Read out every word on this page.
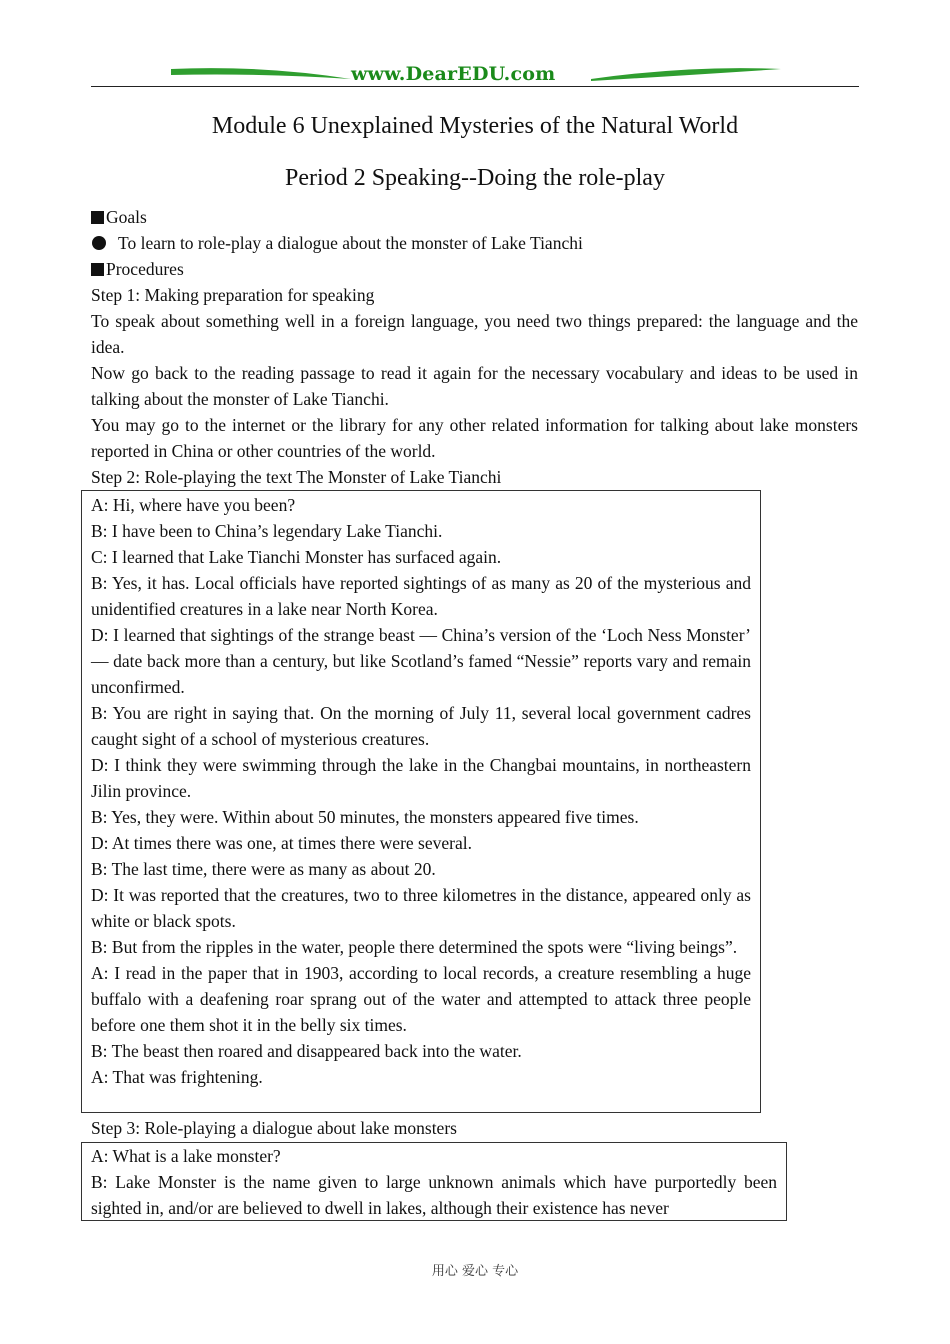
www.DearEDU.com
Module 6 Unexplained Mysteries of the Natural World
Period 2 Speaking--Doing the role-play

Goals

To learn to role-play a dialogue about the monster of Lake Tianchi

Procedures

Step 1: Making preparation for speaking

To speak about something well in a foreign language, you need two things prepared: the language and the idea.

Now go back to the reading passage to read it again for the necessary vocabulary and ideas to be used in talking about the monster of Lake Tianchi.

You may go to the internet or the library for any other related information for talking about lake monsters reported in China or other countries of the world.

Step 2: Role-playing the text The Monster of Lake Tianchi

A: Hi, where have you been?

B: I have been to China’s legendary Lake Tianchi.

C: I learned that Lake Tianchi Monster has surfaced again.

B: Yes, it has. Local officials have reported sightings of as many as 20 of the mysterious and unidentified creatures in a lake near North Korea.

D: I learned that sightings of the strange beast — China’s version of the ‘Loch Ness Monster’ — date back more than a century, but like Scotland’s famed “Nessie” reports vary and remain unconfirmed.

B: You are right in saying that. On the morning of July 11, several local government cadres caught sight of a school of mysterious creatures.

D: I think they were swimming through the lake in the Changbai mountains, in northeastern Jilin province.

B: Yes, they were. Within about 50 minutes, the monsters appeared five times.

D: At times there was one, at times there were several.

B: The last time, there were as many as about 20.

D: It was reported that the creatures, two to three kilometres in the distance, appeared only as white or black spots.

B: But from the ripples in the water, people there determined the spots were “living beings”.

A: I read in the paper that in 1903, according to local records, a creature resembling a huge buffalo with a deafening roar sprang out of the water and attempted to attack three people before one them shot it in the belly six times.

B: The beast then roared and disappeared back into the water.

A: That was frightening.

Step 3: Role-playing a dialogue about lake monsters

A: What is a lake monster?

B: Lake Monster is the name given to large unknown animals which have purportedly been sighted in, and/or are believed to dwell in lakes, although their existence has never

用心 爱心 专心
